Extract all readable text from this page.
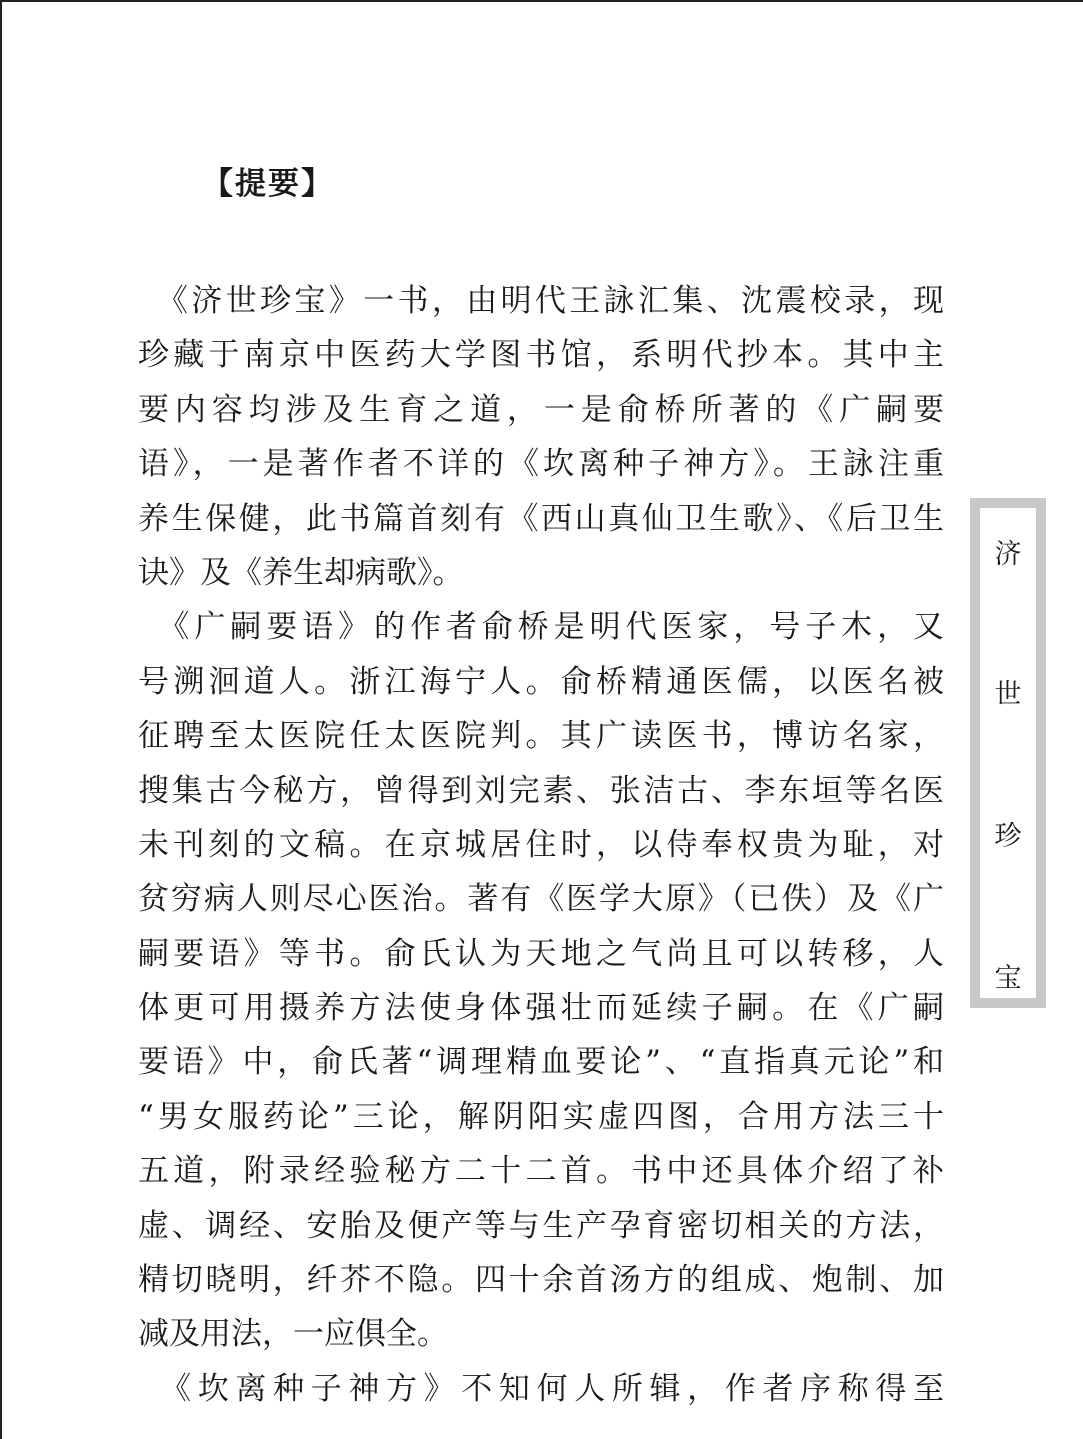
【提要】
　《济世珍宝》一书，由明代王詠汇集、沈震校录，现
珍藏于南京中医药大学图书馆，系明代抄本。其中主
要内容均涉及生育之道，一是俞桥所著的《广嗣要
语》，一是著作者不详的《坎离种子神方》。王詠注重
养生保健，此书篇首刻有《西山真仙卫生歌》、《后卫生
诀》及《养生却病歌》。
　《广嗣要语》的作者俞桥是明代医家，号子木，又
号溯洄道人。浙江海宁人。俞桥精通医儒，以医名被
征聘至太医院任太医院判。其广读医书，博访名家，
搜集古今秘方，曾得到刘完素、张洁古、李东垣等名医
未刊刻的文稿。在京城居住时，以侍奉权贵为耻，对
贫穷病人则尽心医治。著有《医学大原》（已佚）及《广
嗣要语》等书。俞氏认为天地之气尚且可以转移，人
体更可用摄养方法使身体强壮而延续子嗣。在《广嗣
要语》中，俞氏著“调理精血要论”、“直指真元论”和
“男女服药论”三论，解阴阳实虚四图，合用方法三十
五道，附录经验秘方二十二首。书中还具体介绍了补
虚、调经、安胎及便产等与生产孕育密切相关的方法，
精切晓明，纤芥不隐。四十余首汤方的组成、炮制、加
减及用法，一应俱全。
　《坎离种子神方》不知何人所辑，作者序称得至
济
世
珍
宝
